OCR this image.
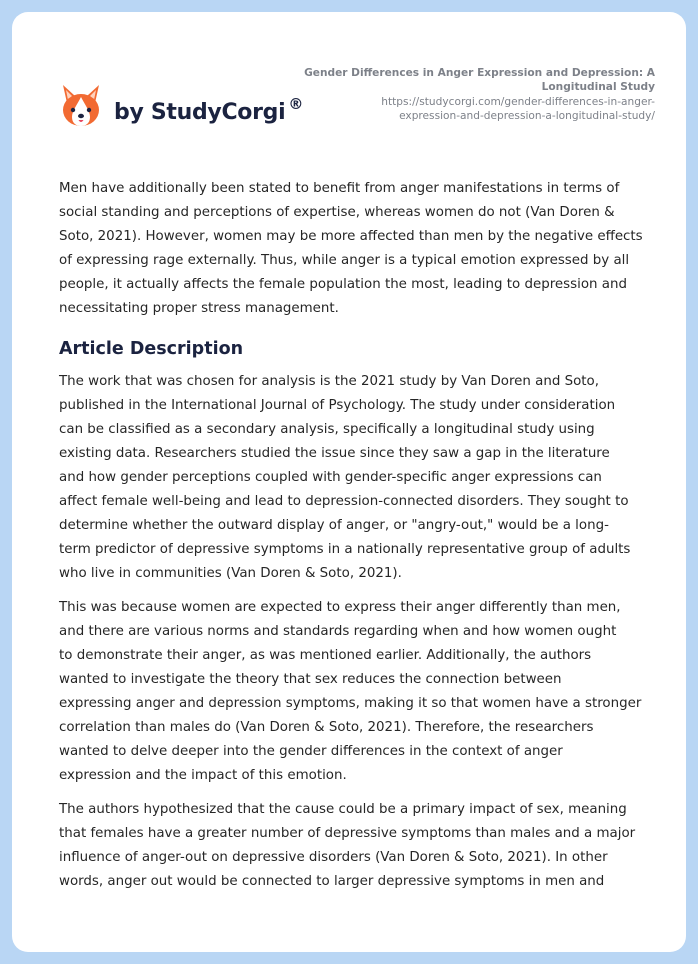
by StudyCorgi ®
Gender Differences in Anger Expression and Depression: A
Longitudinal Study
https://studycorgi.com/gender-differences-in-anger-
expression-and-depression-a-longitudinal-study/

Men have additionally been stated to benefit from anger manifestations in terms of
social standing and perceptions of expertise, whereas women do not (Van Doren &
Soto, 2021). However, women may be more affected than men by the negative effects
of expressing rage externally. Thus, while anger is a typical emotion expressed by all
people, it actually affects the female population the most, leading to depression and
necessitating proper stress management.

Article Description

The work that was chosen for analysis is the 2021 study by Van Doren and Soto,
published in the International Journal of Psychology. The study under consideration
can be classified as a secondary analysis, specifically a longitudinal study using
existing data. Researchers studied the issue since they saw a gap in the literature
and how gender perceptions coupled with gender-specific anger expressions can
affect female well-being and lead to depression-connected disorders. They sought to
determine whether the outward display of anger, or "angry-out," would be a long-
term predictor of depressive symptoms in a nationally representative group of adults
who live in communities (Van Doren & Soto, 2021).

This was because women are expected to express their anger differently than men,
and there are various norms and standards regarding when and how women ought
to demonstrate their anger, as was mentioned earlier. Additionally, the authors
wanted to investigate the theory that sex reduces the connection between
expressing anger and depression symptoms, making it so that women have a stronger
correlation than males do (Van Doren & Soto, 2021). Therefore, the researchers
wanted to delve deeper into the gender differences in the context of anger
expression and the impact of this emotion.

The authors hypothesized that the cause could be a primary impact of sex, meaning
that females have a greater number of depressive symptoms than males and a major
influence of anger-out on depressive disorders (Van Doren & Soto, 2021). In other
words, anger out would be connected to larger depressive symptoms in men and
